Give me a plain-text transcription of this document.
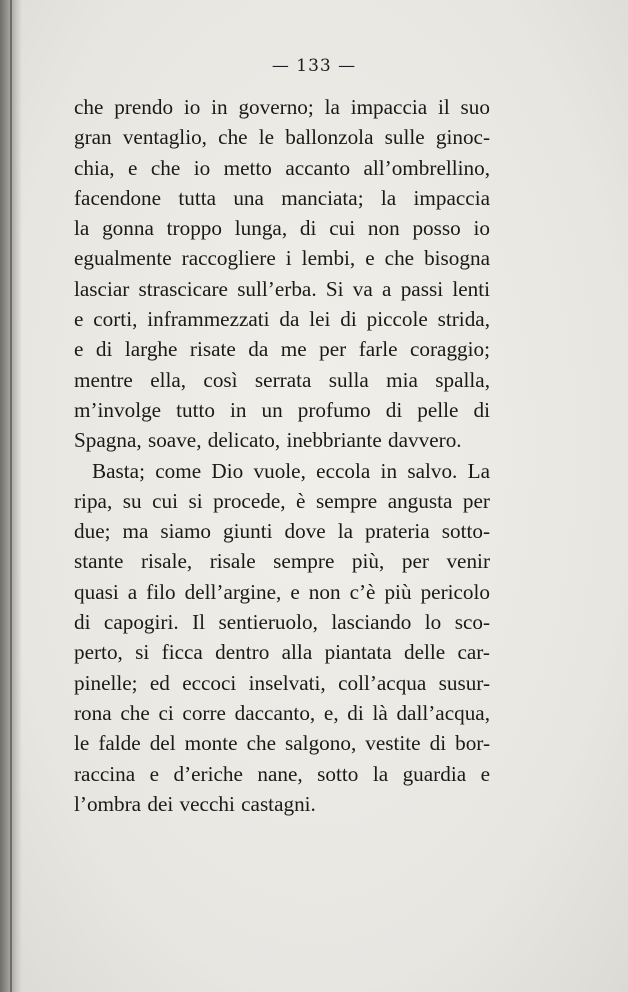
— 133 —
che prendo io in governo; la impaccia il suo
gran ventaglio, che le ballonzola sulle ginoc-
chia, e che io metto accanto all’ombrellino,
facendone tutta una manciata; la impaccia
la gonna troppo lunga, di cui non posso io
egualmente raccogliere i lembi, e che bisogna
lasciar strascicare sull’erba. Si va a passi lenti
e corti, inframmezzati da lei di piccole strida,
e di larghe risate da me per farle coraggio;
mentre ella, così serrata sulla mia spalla,
m’involge tutto in un profumo di pelle di
Spagna, soave, delicato, inebbriante davvero.
Basta; come Dio vuole, eccola in salvo. La
ripa, su cui si procede, è sempre angusta per
due; ma siamo giunti dove la prateria sotto-
stante risale, risale sempre più, per venir
quasi a filo dell’argine, e non c’è più pericolo
di capogiri. Il sentieruolo, lasciando lo sco-
perto, si ficca dentro alla piantata delle car-
pinelle; ed eccoci inselvati, coll’acqua susur-
rona che ci corre daccanto, e, di là dall’acqua,
le falde del monte che salgono, vestite di bor-
raccina e d’eriche nane, sotto la guardia e
l’ombra dei vecchi castagni.
